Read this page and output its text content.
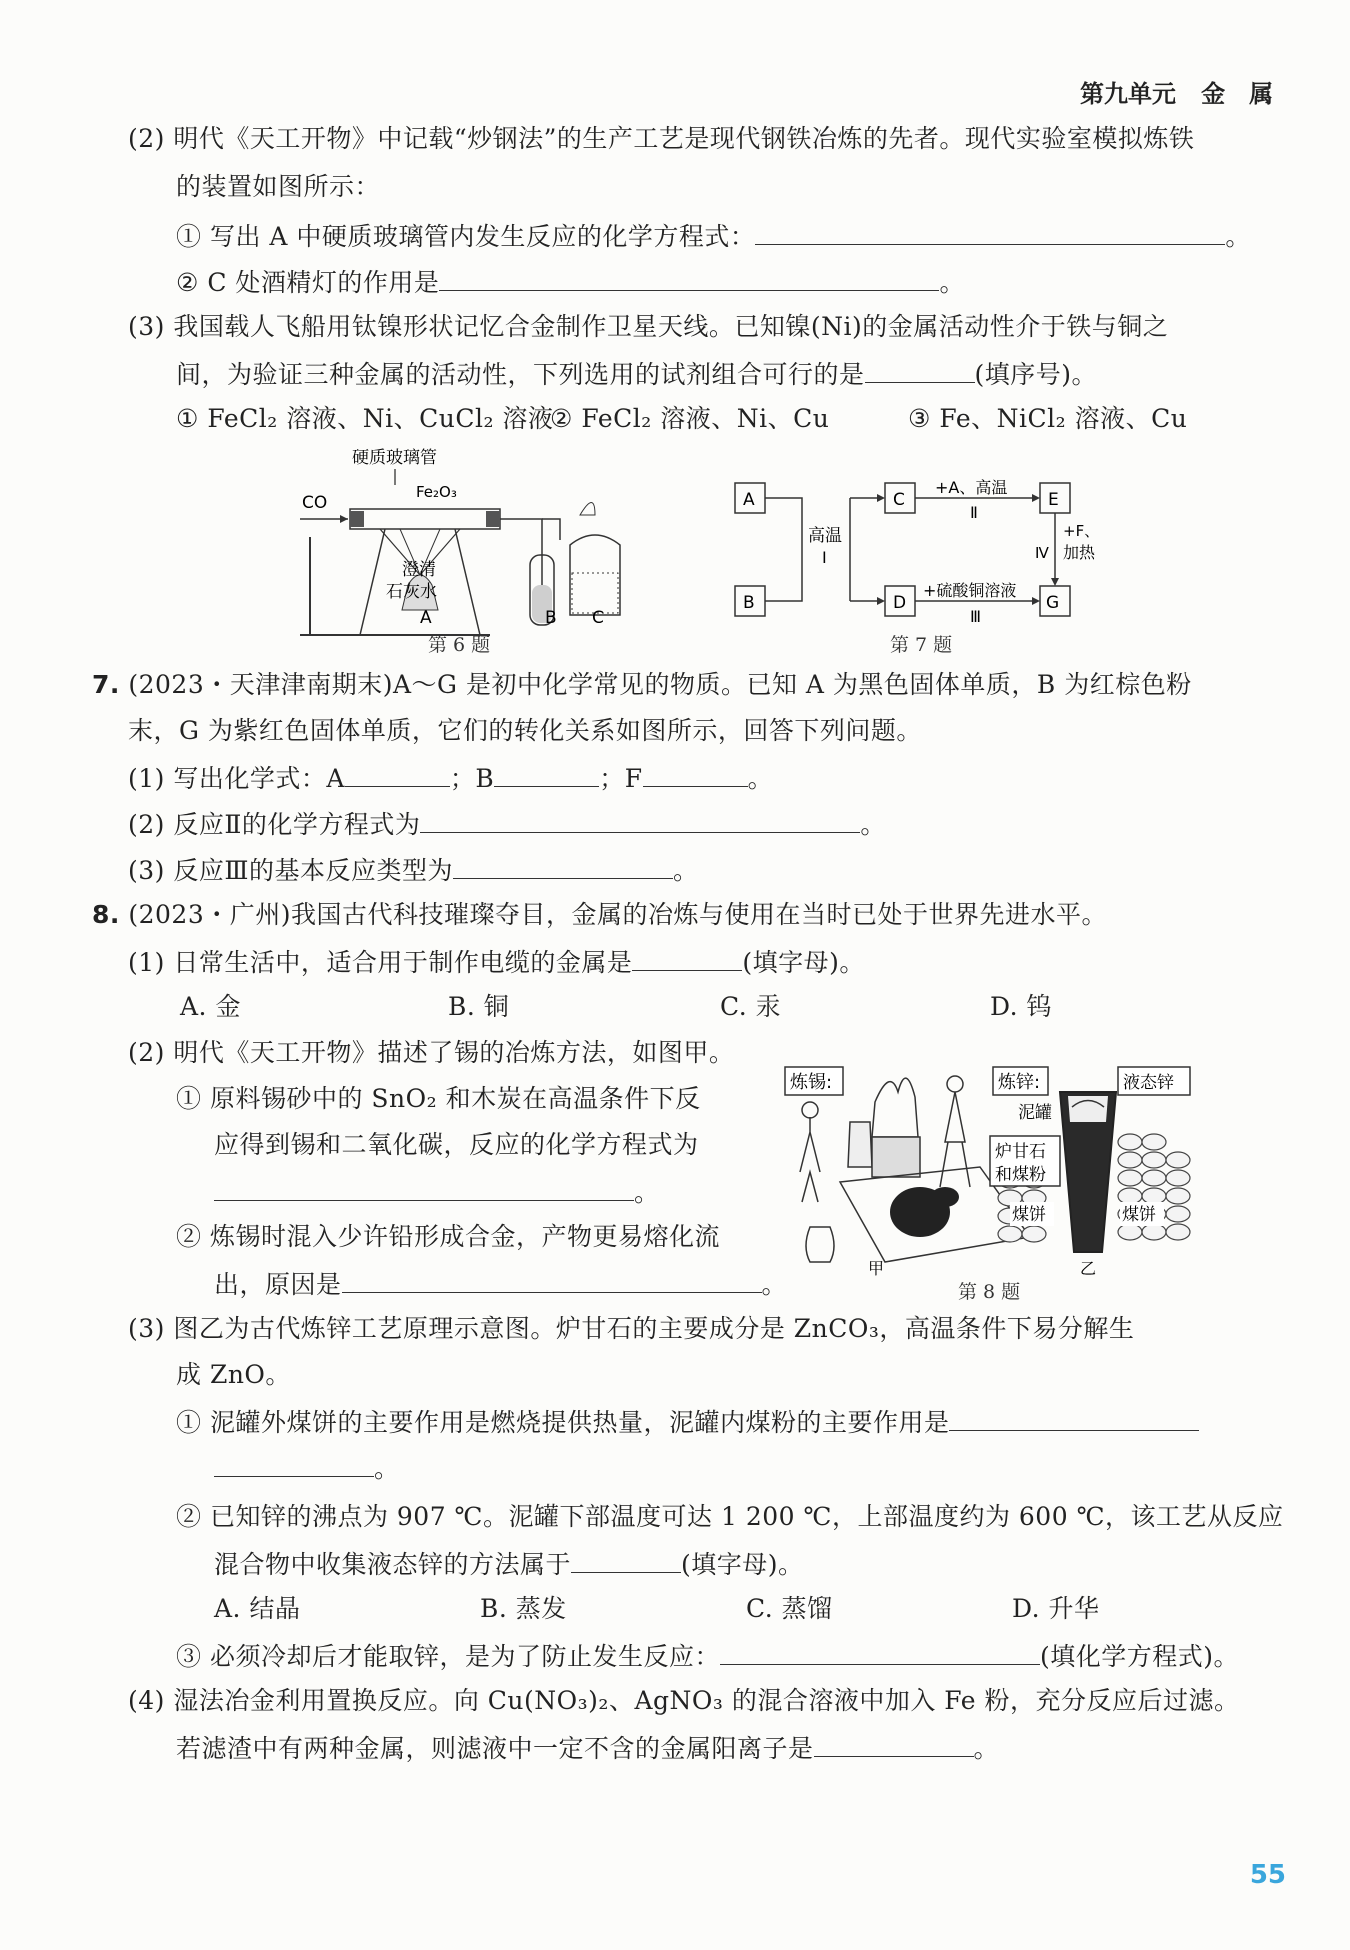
第九单元 金　属
(2) 明代《天工开物》中记载“炒钢法”的生产工艺是现代钢铁冶炼的先者。现代实验室模拟炼铁
的装置如图所示：
① 写出 A 中硬质玻璃管内发生反应的化学方程式：	。
② C 处酒精灯的作用是	。
(3) 我国载人飞船用钛镍形状记忆合金制作卫星天线。已知镍(Ni)的金属活动性介于铁与铜之
间，为验证三种金属的活动性，下列选用的试剂组合可行的是	(填序号)。
① FeCl₂ 溶液、Ni、CuCl₂ 溶液
② FeCl₂ 溶液、Ni、Cu	③ Fe、NiCl₂ 溶液、Cu
硬质玻璃管
Fe₂O₃
CO
澄清
石灰水
A	B C
第 6 题
A
B
C
D
E
G
高温
Ⅰ
+A、高温
Ⅱ
+硫酸铜溶液
Ⅲ
+F、
加热
Ⅳ
第 7 题
7. (2023・天津津南期末)A～G 是初中化学常见的物质。已知 A 为黑色固体单质，B 为红棕色粉
末，G 为紫红色固体单质，它们的转化关系如图所示，回答下列问题。
(1) 写出化学式：A	；B	；F	。
(2) 反应Ⅱ的化学方程式为	。
(3) 反应Ⅲ的基本反应类型为	。
8. (2023・广州)我国古代科技璀璨夺目，金属的冶炼与使用在当时已处于世界先进水平。
(1) 日常生活中，适合用于制作电缆的金属是	(填字母)。
A. 金	B. 铜	C. 汞	D. 钨
(2) 明代《天工开物》描述了锡的冶炼方法，如图甲。
① 原料锡砂中的 SnO₂ 和木炭在高温条件下反
应得到锡和二氧化碳，反应的化学方程式为
。
② 炼锡时混入少许铅形成合金，产物更易熔化流
出，原因是	。
炼锡:
甲
炼锌:	液态锌
泥罐
炉甘石
和煤粉
煤饼	煤饼
乙
第 8 题
(3) 图乙为古代炼锌工艺原理示意图。炉甘石的主要成分是 ZnCO₃，高温条件下易分解生
成 ZnO。
① 泥罐外煤饼的主要作用是燃烧提供热量，泥罐内煤粉的主要作用是
。
② 已知锌的沸点为 907 ℃。泥罐下部温度可达 1 200 ℃，上部温度约为 600 ℃，该工艺从反应
混合物中收集液态锌的方法属于	(填字母)。
A. 结晶	B. 蒸发	C. 蒸馏	D. 升华
③ 必须冷却后才能取锌，是为了防止发生反应：	(填化学方程式)。
(4) 湿法冶金利用置换反应。向 Cu(NO₃)₂、AgNO₃ 的混合溶液中加入 Fe 粉，充分反应后过滤。
若滤渣中有两种金属，则滤液中一定不含的金属阳离子是	。
55
